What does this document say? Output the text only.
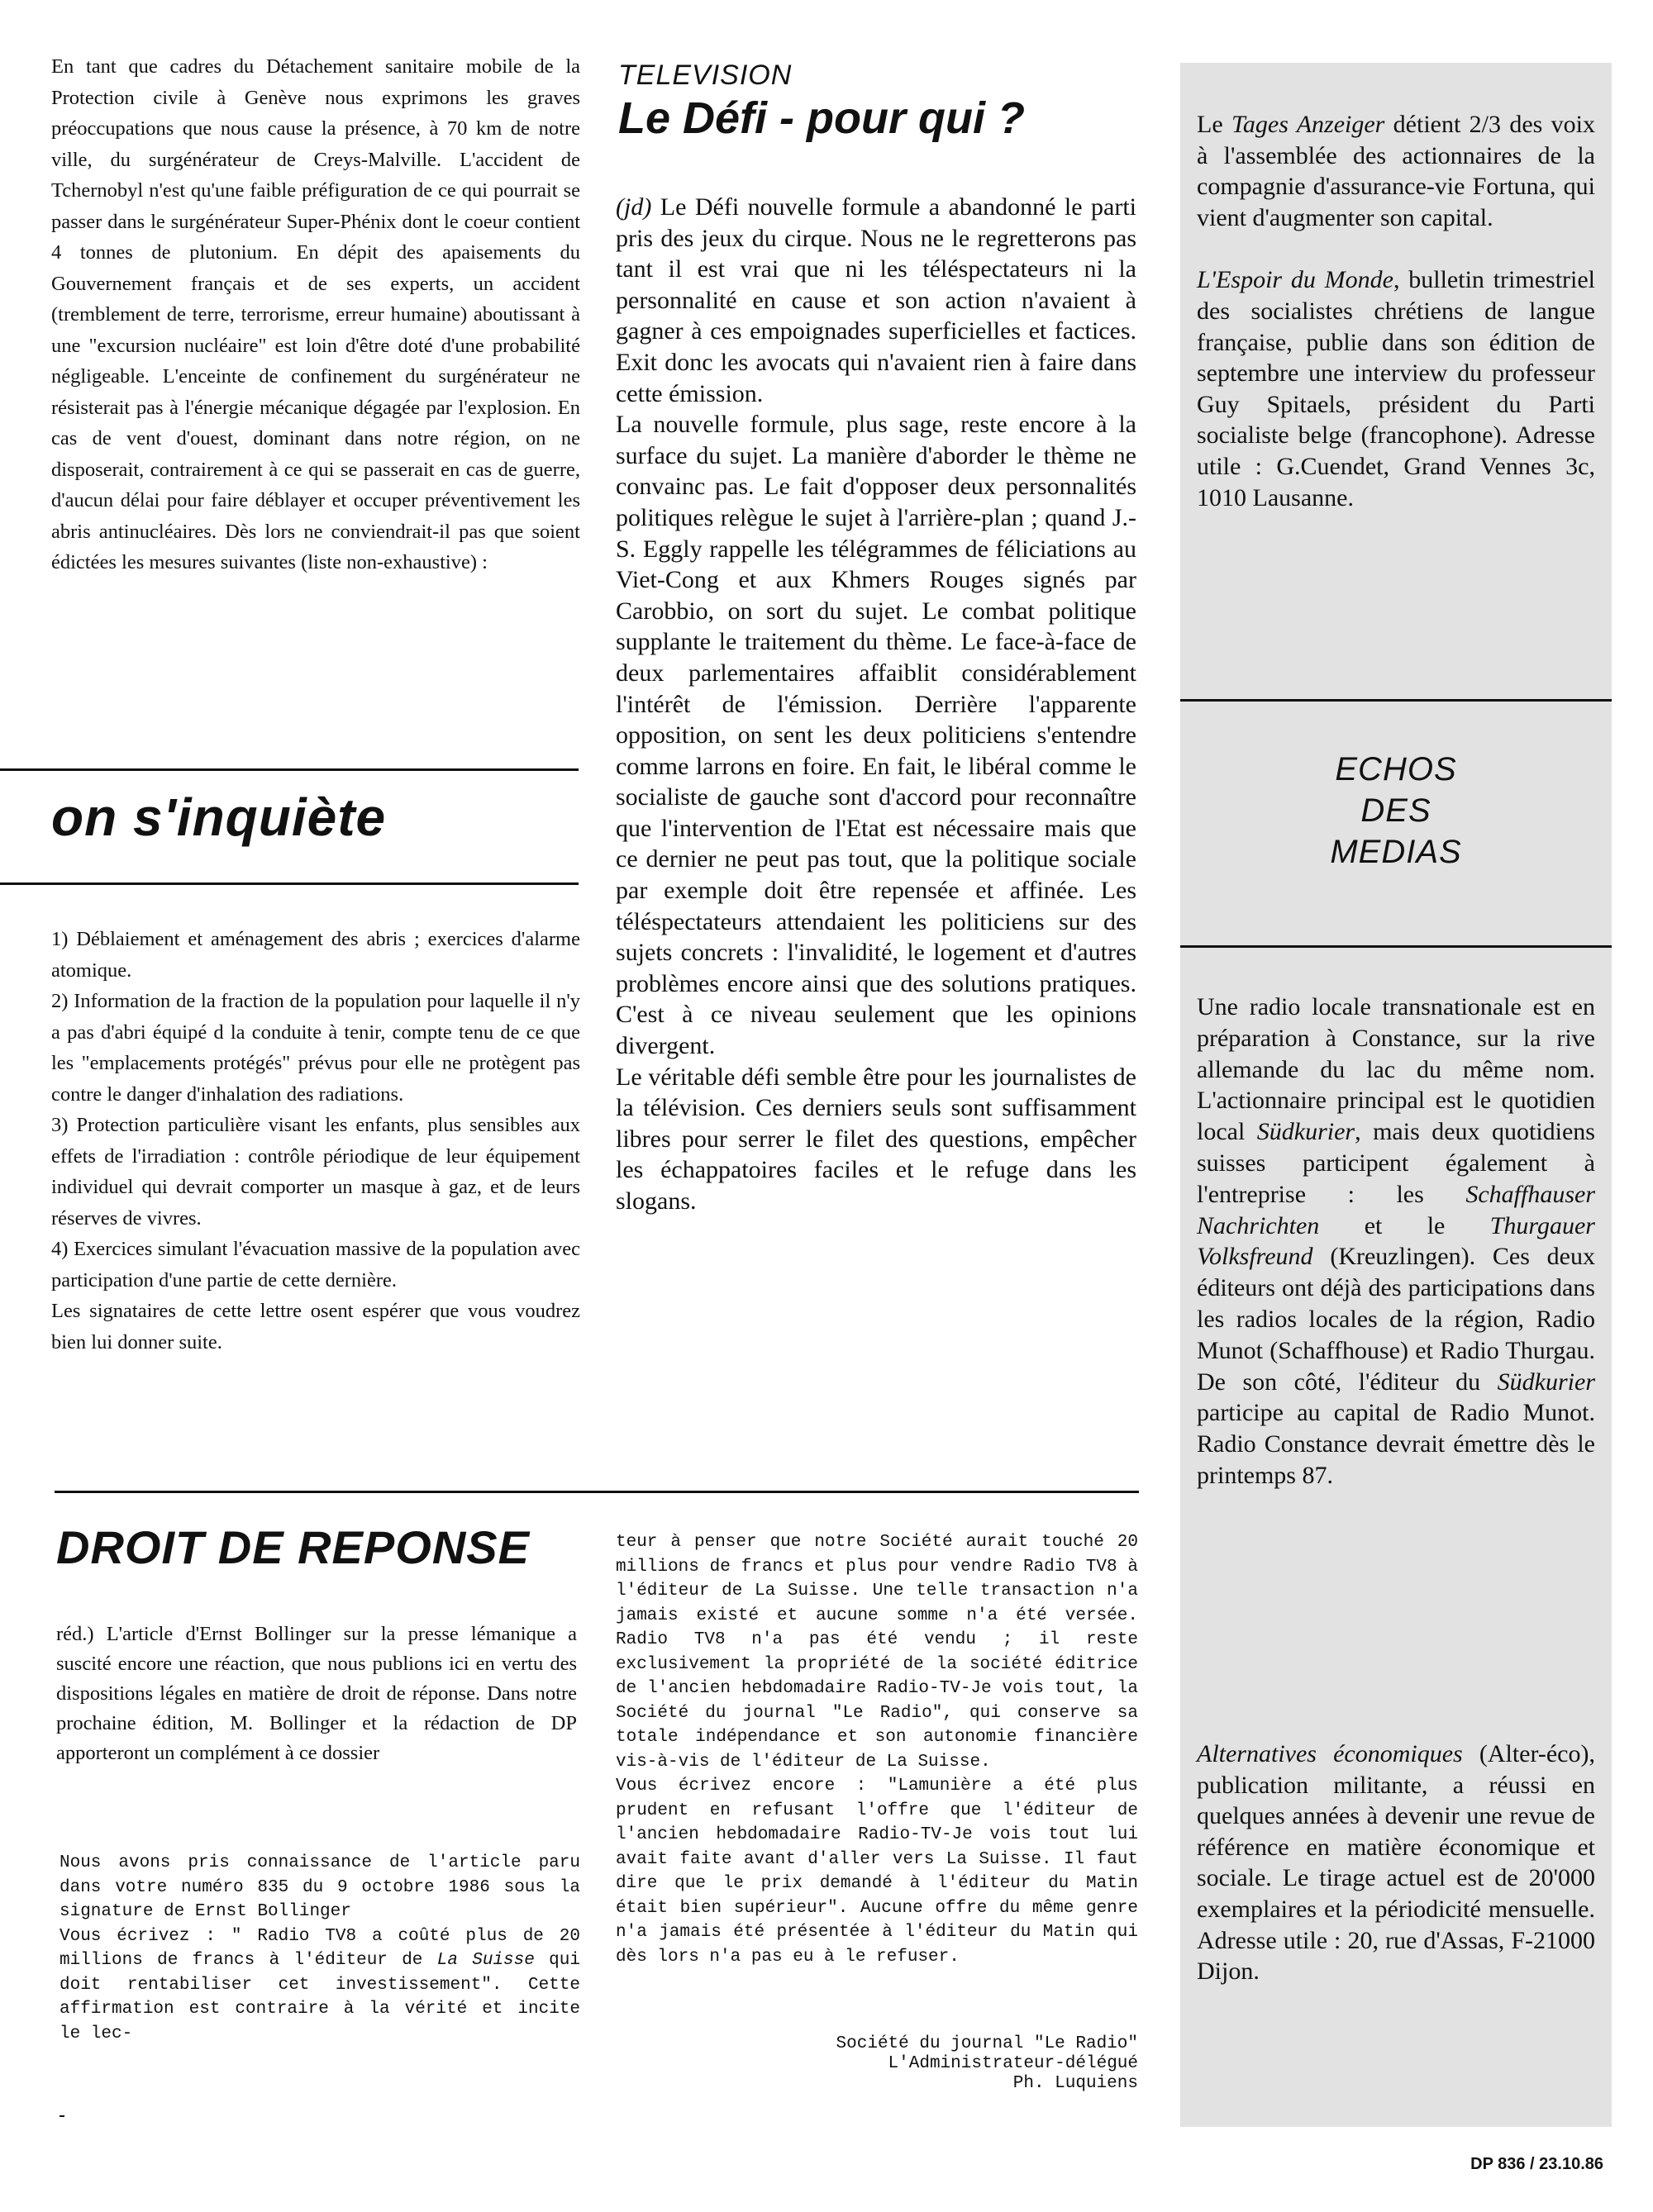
En tant que cadres du Détachement sanitaire mobile de la Protection civile à Genève nous exprimons les graves préoccupations que nous cause la présence, à 70 km de notre ville, du surgénérateur de Creys-Malville. L'accident de Tchernobyl n'est qu'une faible préfiguration de ce qui pourrait se passer dans le surgénérateur Super-Phénix dont le coeur contient 4 tonnes de plutonium. En dépit des apaisements du Gouvernement français et de ses experts, un accident (tremblement de terre, terrorisme, erreur humaine) aboutissant à une "excursion nucléaire" est loin d'être doté d'une probabilité négligeable. L'enceinte de confinement du surgénérateur ne résisterait pas à l'énergie mécanique dégagée par l'explosion. En cas de vent d'ouest, dominant dans notre région, on ne disposerait, contrairement à ce qui se passerait en cas de guerre, d'aucun délai pour faire déblayer et occuper préventivement les abris antinucléaires. Dès lors ne conviendrait-il pas que soient édictées les mesures suivantes (liste non-exhaustive) :

on s'inquiète

1) Déblaiement et aménagement des abris ; exercices d'alarme atomique.

2) Information de la fraction de la population pour laquelle il n'y a pas d'abri équipé d la conduite à tenir, compte tenu de ce que les "emplacements protégés" prévus pour elle ne protègent pas contre le danger d'inhalation des radiations.

3) Protection particulière visant les enfants, plus sensibles aux effets de l'irradiation : contrôle périodique de leur équipement individuel qui devrait comporter un masque à gaz, et de leurs réserves de vivres.

4) Exercices simulant l'évacuation massive de la population avec participation d'une partie de cette dernière.

Les signataires de cette lettre osent espérer que vous voudrez bien lui donner suite.

TELEVISION
Le Défi - pour qui ?

(jd) Le Défi nouvelle formule a abandonné le parti pris des jeux du cirque. Nous ne le regretterons pas tant il est vrai que ni les téléspectateurs ni la personnalité en cause et son action n'avaient à gagner à ces empoignades superficielles et factices. Exit donc les avocats qui n'avaient rien à faire dans cette émission.

La nouvelle formule, plus sage, reste encore à la surface du sujet. La manière d'aborder le thème ne convainc pas. Le fait d'opposer deux personnalités politiques relègue le sujet à l'arrière-plan ; quand J.-S. Eggly rappelle les télégrammes de féliciations au Viet-Cong et aux Khmers Rouges signés par Carobbio, on sort du sujet. Le combat politique supplante le traitement du thème. Le face-à-face de deux parlementaires affaiblit considérablement l'intérêt de l'émission. Derrière l'apparente opposition, on sent les deux politiciens s'entendre comme larrons en foire. En fait, le libéral comme le socialiste de gauche sont d'accord pour reconnaître que l'intervention de l'Etat est nécessaire mais que ce dernier ne peut pas tout, que la politique sociale par exemple doit être repensée et affinée. Les téléspectateurs attendaient les politiciens sur des sujets concrets : l'invalidité, le logement et d'autres problèmes encore ainsi que des solutions pratiques. C'est à ce niveau seulement que les opinions divergent.

Le véritable défi semble être pour les journalistes de la télévision. Ces derniers seuls sont suffisamment libres pour serrer le filet des questions, empêcher les échappatoires faciles et le refuge dans les slogans.

DROIT DE REPONSE
réd.) L'article d'Ernst Bollinger sur la presse lémanique a suscité encore une réaction, que nous publions ici en vertu des dispositions légales en matière de droit de réponse. Dans notre prochaine édition, M. Bollinger et la rédaction de DP apporteront un complément à ce dossier

Nous avons pris connaissance de l'article paru dans votre numéro 835 du 9 octobre 1986 sous la signature de Ernst Bollinger

Vous écrivez : " Radio TV8 a coûté plus de 20 millions de francs à l'éditeur de La Suisse qui doit rentabiliser cet investissement". Cette affirmation est contraire à la vérité et incite le lec-

teur à penser que notre Société aurait touché 20 millions de francs et plus pour vendre Radio TV8 à l'éditeur de La Suisse. Une telle transaction n'a jamais existé et aucune somme n'a été versée. Radio TV8 n'a pas été vendu ; il reste exclusivement la propriété de la société éditrice de l'ancien hebdomadaire Radio-TV-Je vois tout, la Société du journal "Le Radio", qui conserve sa totale indépendance et son autonomie financière vis-à-vis de l'éditeur de La Suisse.

Vous écrivez encore : "Lamunière a été plus prudent en refusant l'offre que l'éditeur de l'ancien hebdomadaire Radio-TV-Je vois tout lui avait faite avant d'aller vers La Suisse. Il faut dire que le prix demandé à l'éditeur du Matin était bien supérieur". Aucune offre du même genre n'a jamais été présentée à l'éditeur du Matin qui dès lors n'a pas eu à le refuser.

Société du journal "Le Radio"

L'Administrateur-délégué

Ph. Luquiens

Le Tages Anzeiger détient 2/3 des voix à l'assemblée des actionnaires de la compagnie d'assurance-vie Fortuna, qui vient d'augmenter son capital.

L'Espoir du Monde, bulletin trimestriel des socialistes chrétiens de langue française, publie dans son édition de septembre une interview du professeur Guy Spitaels, président du Parti socialiste belge (francophone). Adresse utile : G.Cuendet, Grand Vennes 3c, 1010 Lausanne.

ECHOS
DES
MEDIAS

Une radio locale transnationale est en préparation à Constance, sur la rive allemande du lac du même nom. L'actionnaire principal est le quotidien local Südkurier, mais deux quotidiens suisses participent également à l'entreprise : les Schaffhauser Nachrichten et le Thurgauer Volksfreund (Kreuzlingen). Ces deux éditeurs ont déjà des participations dans les radios locales de la région, Radio Munot (Schaffhouse) et Radio Thurgau. De son côté, l'éditeur du Südkurier participe au capital de Radio Munot. Radio Constance devrait émettre dès le printemps 87.

Alternatives économiques (Alter-éco), publication militante, a réussi en quelques années à devenir une revue de référence en matière économique et sociale. Le tirage actuel est de 20'000 exemplaires et la périodicité mensuelle. Adresse utile : 20, rue d'Assas, F-21000 Dijon.

DP 836 / 23.10.86
